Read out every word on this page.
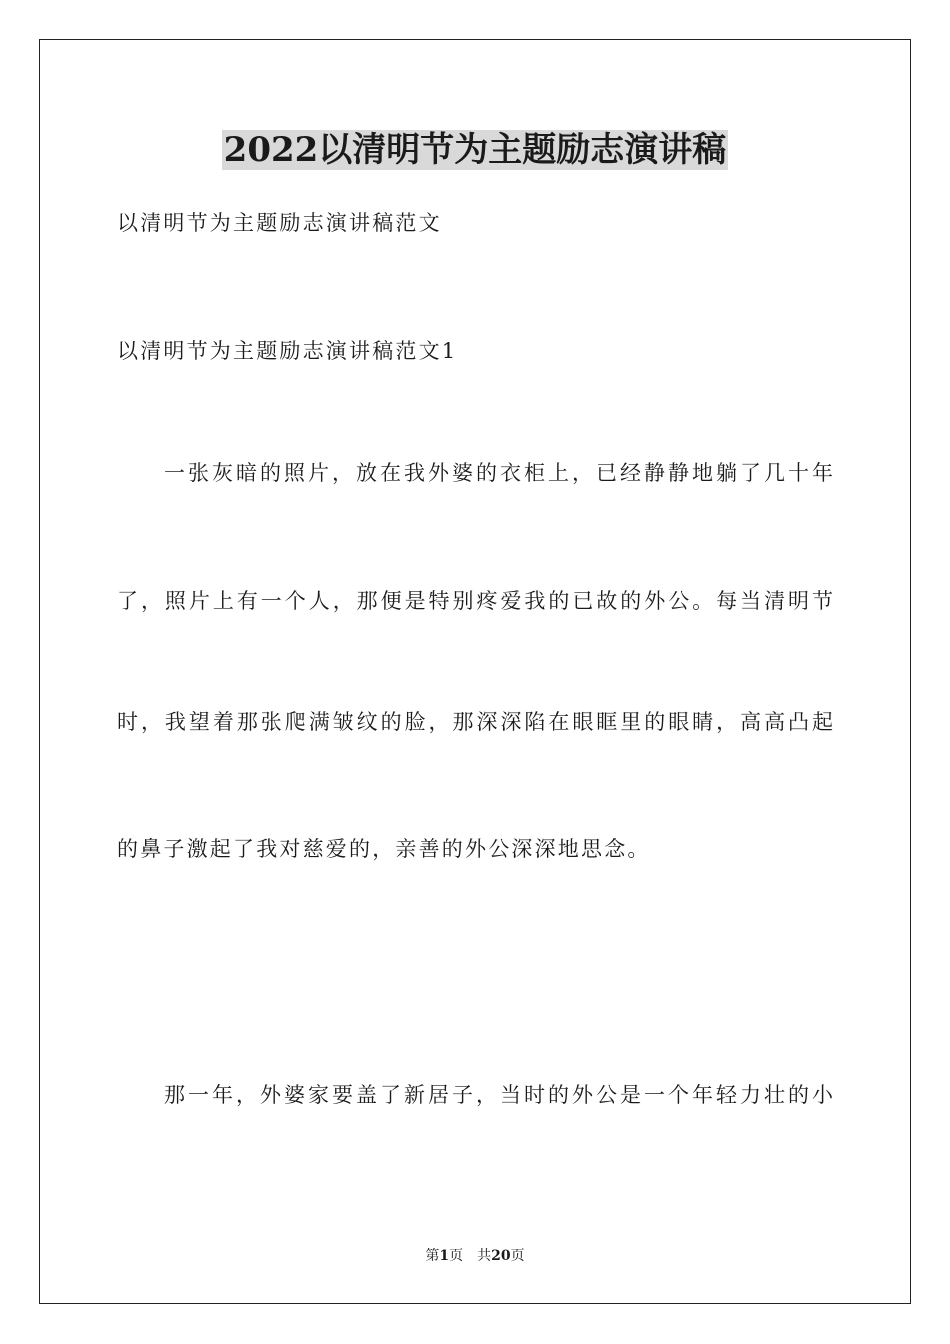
2022以清明节为主题励志演讲稿
以清明节为主题励志演讲稿范文
以清明节为主题励志演讲稿范文1
一张灰暗的照片，放在我外婆的衣柜上，已经静静地躺了几十年
了，照片上有一个人，那便是特别疼爱我的已故的外公。每当清明节
时，我望着那张爬满皱纹的脸，那深深陷在眼眶里的眼睛，高高凸起
的鼻子激起了我对慈爱的，亲善的外公深深地思念。
那一年，外婆家要盖了新居子，当时的外公是一个年轻力壮的小
第1页 共20页
